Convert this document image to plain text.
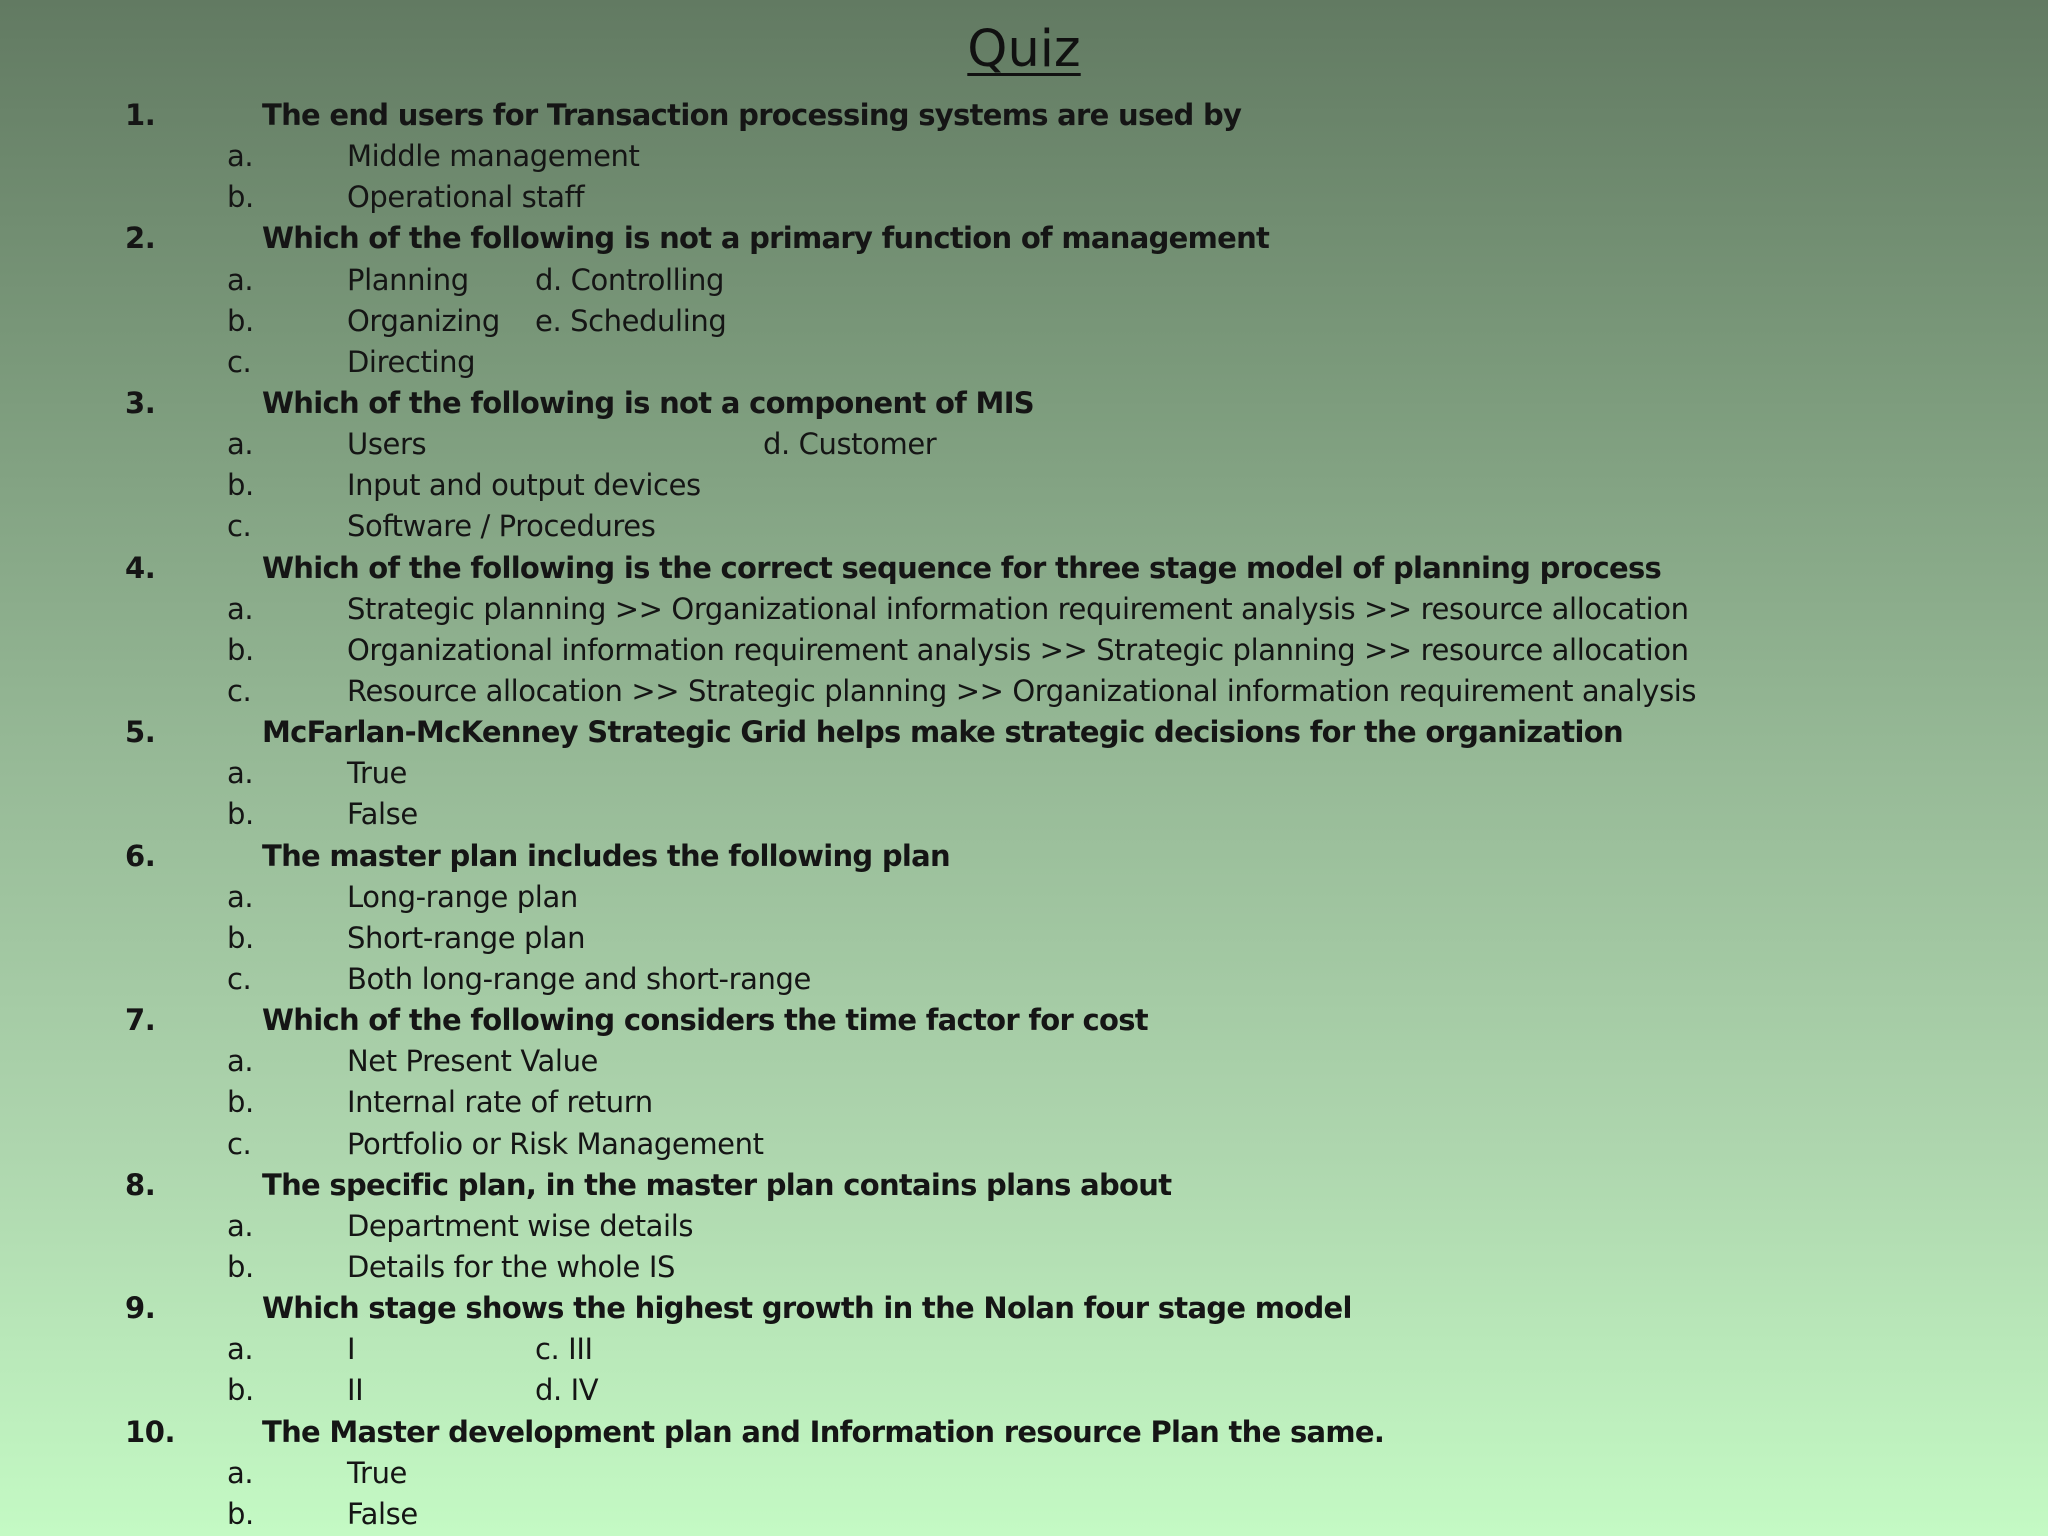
Quiz
1.	The end users for Transaction processing systems are used by
a.	Middle management
b.	Operational staff
2.	Which of the following is not a primary function of management
a.	Planning d. Controlling
b.	Organizing e. Scheduling
c.	Directing
3.	Which of the following is not a component of MIS
a.	Users	d. Customer
b.	Input and output devices
c.	Software / Procedures
4.	Which of the following is the correct sequence for three stage model of planning process
a.	Strategic planning >> Organizational information requirement analysis >> resource allocation
b.	Organizational information requirement analysis >> Strategic planning >> resource allocation
c.	Resource allocation >> Strategic planning >> Organizational information requirement analysis
5.	McFarlan-McKenney Strategic Grid helps make strategic decisions for the organization
a.	True
b.	False
6.	The master plan includes the following plan
a.	Long-range plan
b.	Short-range plan
c.	Both long-range and short-range
7.	Which of the following considers the time factor for cost
a.	Net Present Value
b.	Internal rate of return
c.	Portfolio or Risk Management
8.	The specific plan, in the master plan contains plans about
a.	Department wise details
b.	Details for the whole IS
9.	Which stage shows the highest growth in the Nolan four stage model
a.	I	c. III
b.	II	d. IV
10.	The Master development plan and Information resource Plan the same.
a.	True
b.	False
